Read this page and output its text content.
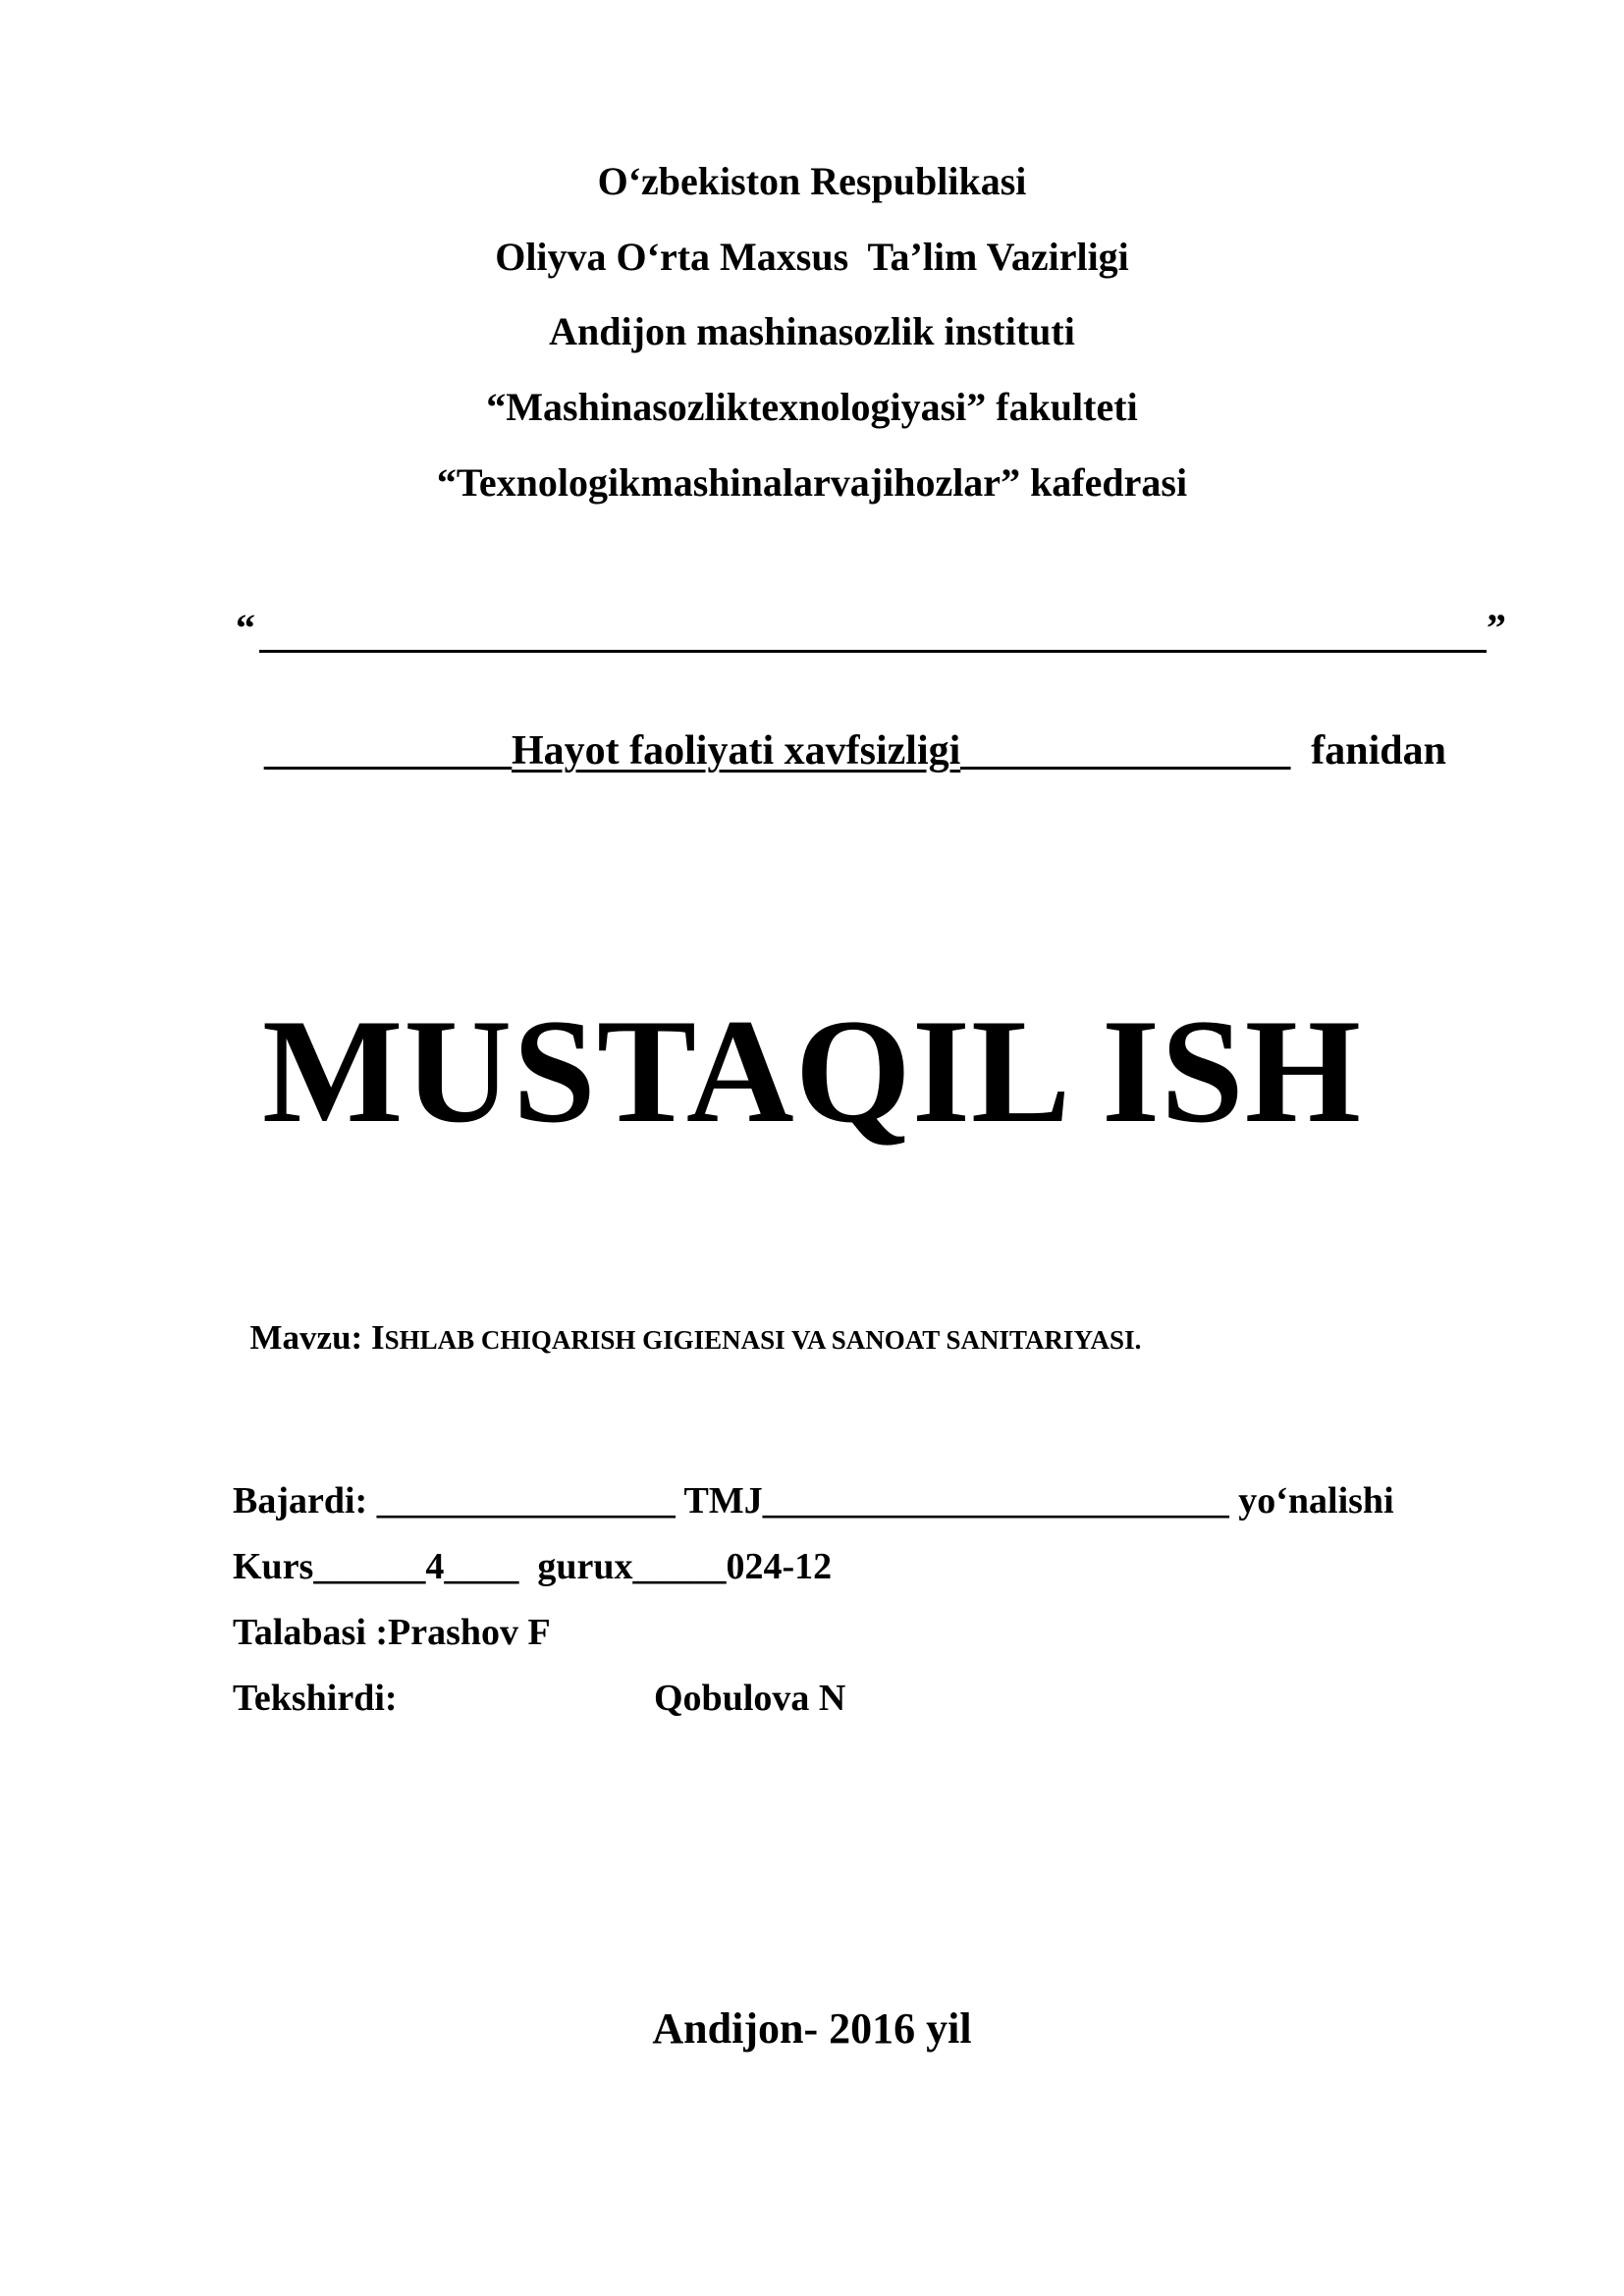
O‘zbekiston Respublikasi
Oliyva O‘rta Maxsus  Ta’lim Vazirligi
Andijon mashinasozlik instituti
“Mashinasozliktexnologiyasi” fakulteti
“Texnologikmashinalarvajihozlar” kafedrasi
“	”

____________Hayot faoliyati xavfsizligi________________ fanidan

MUSTAQIL ISH

Mavzu: ISHLAB CHIQARISH GIGIENASI VA SANOAT SANITARIYASI.

Bajardi: ________________ TMJ_________________________ yo‘nalishi
Kurs______4____  gurux_____024-12
Talabasi :Prashov F
Tekshirdi:	Qobulova N
Andijon- 2016 yil
